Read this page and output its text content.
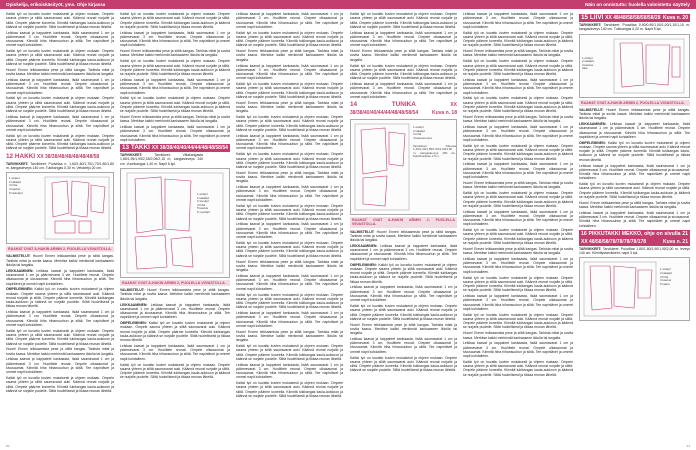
Opiskelija, erikoiskäsityöt, yms. Ohje kirjassa	Näin on onnistuttu: huolella valmistettu näyttely

Kaikki työ on kuvattu kuvien mukaisesti ja ohjeen mukaan. Ompele sauma yhteen ja silitä saumavarat auki. Käännä reunat nurjalle ja silitä. Ompele päärme koneella. Kiinnitä tukikangas kaula-aukkoon ja käännä se nurjalle puolelle. Silitä huolellisesti ja tikkaa reunan läheltä.

Leikkaa kaavat ja kappaleet kankaasta, lisää saumavarat 1 cm ja päärmevarat 3 cm. Huolittele reunat. Ompele olkasaumat ja sivusaumat. Kiinnitä hiha hihansuuhun ja silitä. Tee napinlävet ja ommel napit kohdalleen.

Kaikki työ on kuvattu kuvien mukaisesti ja ohjeen mukaan. Ompele sauma yhteen ja silitä saumavarat auki. Käännä reunat nurjalle ja silitä. Ompele päärme koneella. Kiinnitä tukikangas kaula-aukkoon ja käännä se nurjalle puolelle. Silitä huolellisesti ja tikkaa reunan läheltä.

Huom! Ennen leikkaamista pese ja silitä kangas. Tarkista mitat ja sovita kaava. Merkitse kaikki merkinnät kankaaseen liidulla tai langalla.

Leikkaa kaavat ja kappaleet kankaasta, lisää saumavarat 1 cm ja päärmevarat 3 cm. Huolittele reunat. Ompele olkasaumat ja sivusaumat. Kiinnitä hiha hihansuuhun ja silitä. Tee napinlävet ja ommel napit kohdalleen.

Kaikki työ on kuvattu kuvien mukaisesti ja ohjeen mukaan. Ompele sauma yhteen ja silitä saumavarat auki. Käännä reunat nurjalle ja silitä. Ompele päärme koneella. Kiinnitä tukikangas kaula-aukkoon ja käännä se nurjalle puolelle. Silitä huolellisesti ja tikkaa reunan läheltä.

Leikkaa kaavat ja kappaleet kankaasta, lisää saumavarat 1 cm ja päärmevarat 3 cm. Huolittele reunat. Ompele olkasaumat ja sivusaumat. Kiinnitä hiha hihansuuhun ja silitä. Tee napinlävet ja ommel napit kohdalleen.

Kaikki työ on kuvattu kuvien mukaisesti ja ohjeen mukaan. Ompele sauma yhteen ja silitä saumavarat auki. Käännä reunat nurjalle ja silitä. Ompele päärme koneella. Kiinnitä tukikangas kaula-aukkoon ja käännä se nurjalle puolelle. Silitä huolellisesti ja tikkaa reunan läheltä.

12 HAKKI XX 38/38/48/48/48/48/48/58

TARVIKKEET: Tarvikkeet: Puuvillaa n. 1,60/1,60/1,70/1,70/1,80/1,80 m, kangasleveys 140 cm. Tukikangas 0,30 m. Vetoketju 20 cm.

1 etukpl
2 takakpl
3 hiha
4 kauluri
5 taskukpl
RAAHAT OVAT A-HAKIN ARMIN 2, PUOLELLA VIIVASTOLLA.

VALMISTELUT: Huom! Ennen leikkaamista pese ja silitä kangas. Tarkista mitat ja sovita kaava. Merkitse kaikki merkinnät kankaaseen liidulla tai langalla.

LEIKKAAMINEN: Leikkaa kaavat ja kappaleet kankaasta, lisää saumavarat 1 cm ja päärmevarat 3 cm. Huolittele reunat. Ompele olkasaumat ja sivusaumat. Kiinnitä hiha hihansuuhun ja silitä. Tee napinlävet ja ommel napit kohdalleen.

OMPELEMINEN: Kaikki työ on kuvattu kuvien mukaisesti ja ohjeen mukaan. Ompele sauma yhteen ja silitä saumavarat auki. Käännä reunat nurjalle ja silitä. Ompele päärme koneella. Kiinnitä tukikangas kaula-aukkoon ja käännä se nurjalle puolelle. Silitä huolellisesti ja tikkaa reunan läheltä.

Leikkaa kaavat ja kappaleet kankaasta, lisää saumavarat 1 cm ja päärmevarat 3 cm. Huolittele reunat. Ompele olkasaumat ja sivusaumat. Kiinnitä hiha hihansuuhun ja silitä. Tee napinlävet ja ommel napit kohdalleen.

Kaikki työ on kuvattu kuvien mukaisesti ja ohjeen mukaan. Ompele sauma yhteen ja silitä saumavarat auki. Käännä reunat nurjalle ja silitä. Ompele päärme koneella. Kiinnitä tukikangas kaula-aukkoon ja käännä se nurjalle puolelle. Silitä huolellisesti ja tikkaa reunan läheltä.

Huom! Ennen leikkaamista pese ja silitä kangas. Tarkista mitat ja sovita kaava. Merkitse kaikki merkinnät kankaaseen liidulla tai langalla.

Leikkaa kaavat ja kappaleet kankaasta, lisää saumavarat 1 cm ja päärmevarat 3 cm. Huolittele reunat. Ompele olkasaumat ja sivusaumat. Kiinnitä hiha hihansuuhun ja silitä. Tee napinlävet ja ommel napit kohdalleen.

Kaikki työ on kuvattu kuvien mukaisesti ja ohjeen mukaan. Ompele sauma yhteen ja silitä saumavarat auki. Käännä reunat nurjalle ja silitä. Ompele päärme koneella. Kiinnitä tukikangas kaula-aukkoon ja käännä se nurjalle puolelle. Silitä huolellisesti ja tikkaa reunan läheltä.

Kaikki työ on kuvattu kuvien mukaisesti ja ohjeen mukaan. Ompele sauma yhteen ja silitä saumavarat auki. Käännä reunat nurjalle ja silitä. Ompele päärme koneella. Kiinnitä tukikangas kaula-aukkoon ja käännä se nurjalle puolelle. Silitä huolellisesti ja tikkaa reunan läheltä.

Leikkaa kaavat ja kappaleet kankaasta, lisää saumavarat 1 cm ja päärmevarat 3 cm. Huolittele reunat. Ompele olkasaumat ja sivusaumat. Kiinnitä hiha hihansuuhun ja silitä. Tee napinlävet ja ommel napit kohdalleen.

Huom! Ennen leikkaamista pese ja silitä kangas. Tarkista mitat ja sovita kaava. Merkitse kaikki merkinnät kankaaseen liidulla tai langalla.

Kaikki työ on kuvattu kuvien mukaisesti ja ohjeen mukaan. Ompele sauma yhteen ja silitä saumavarat auki. Käännä reunat nurjalle ja silitä. Ompele päärme koneella. Kiinnitä tukikangas kaula-aukkoon ja käännä se nurjalle puolelle. Silitä huolellisesti ja tikkaa reunan läheltä.

Leikkaa kaavat ja kappaleet kankaasta, lisää saumavarat 1 cm ja päärmevarat 3 cm. Huolittele reunat. Ompele olkasaumat ja sivusaumat. Kiinnitä hiha hihansuuhun ja silitä. Tee napinlävet ja ommel napit kohdalleen.

Kaikki työ on kuvattu kuvien mukaisesti ja ohjeen mukaan. Ompele sauma yhteen ja silitä saumavarat auki. Käännä reunat nurjalle ja silitä. Ompele päärme koneella. Kiinnitä tukikangas kaula-aukkoon ja käännä se nurjalle puolelle. Silitä huolellisesti ja tikkaa reunan läheltä.

Huom! Ennen leikkaamista pese ja silitä kangas. Tarkista mitat ja sovita kaava. Merkitse kaikki merkinnät kankaaseen liidulla tai langalla.

Leikkaa kaavat ja kappaleet kankaasta, lisää saumavarat 1 cm ja päärmevarat 3 cm. Huolittele reunat. Ompele olkasaumat ja sivusaumat. Kiinnitä hiha hihansuuhun ja silitä. Tee napinlävet ja ommel napit kohdalleen.

13 TAKKI XX 38/38/40/40/44/44/48/48/58/54
Kuva n. 16

TARVIKKEET:	Tarvikkeet: Villakangasta 1,85/1,95/1,95/2,05/2,05/2,15 m, kangasleveys 140 cm. Vuorikangas 1,40 m. Napit 6 kpl.

1 etukpl
2 takakpl
3 sivukpl
4 hiha
5 kaulus
6 vuorikpl
RAAHAT OVAT A-HAKIN ARMIN 2, PUOLELLA VIIVASTOLLA.

VALMISTELUT: Huom! Ennen leikkaamista pese ja silitä kangas. Tarkista mitat ja sovita kaava. Merkitse kaikki merkinnät kankaaseen liidulla tai langalla.

LEIKKAAMINEN: Leikkaa kaavat ja kappaleet kankaasta, lisää saumavarat 1 cm ja päärmevarat 3 cm. Huolittele reunat. Ompele olkasaumat ja sivusaumat. Kiinnitä hiha hihansuuhun ja silitä. Tee napinlävet ja ommel napit kohdalleen.

OMPELEMINEN: Kaikki työ on kuvattu kuvien mukaisesti ja ohjeen mukaan. Ompele sauma yhteen ja silitä saumavarat auki. Käännä reunat nurjalle ja silitä. Ompele päärme koneella. Kiinnitä tukikangas kaula-aukkoon ja käännä se nurjalle puolelle. Silitä huolellisesti ja tikkaa reunan läheltä.

Leikkaa kaavat ja kappaleet kankaasta, lisää saumavarat 1 cm ja päärmevarat 3 cm. Huolittele reunat. Ompele olkasaumat ja sivusaumat. Kiinnitä hiha hihansuuhun ja silitä. Tee napinlävet ja ommel napit kohdalleen.

Kaikki työ on kuvattu kuvien mukaisesti ja ohjeen mukaan. Ompele sauma yhteen ja silitä saumavarat auki. Käännä reunat nurjalle ja silitä. Ompele päärme koneella. Kiinnitä tukikangas kaula-aukkoon ja käännä se nurjalle puolelle. Silitä huolellisesti ja tikkaa reunan läheltä.

Leikkaa kaavat ja kappaleet kankaasta, lisää saumavarat 1 cm ja päärmevarat 3 cm. Huolittele reunat. Ompele olkasaumat ja sivusaumat. Kiinnitä hiha hihansuuhun ja silitä. Tee napinlävet ja ommel napit kohdalleen.

Kaikki työ on kuvattu kuvien mukaisesti ja ohjeen mukaan. Ompele sauma yhteen ja silitä saumavarat auki. Käännä reunat nurjalle ja silitä. Ompele päärme koneella. Kiinnitä tukikangas kaula-aukkoon ja käännä se nurjalle puolelle. Silitä huolellisesti ja tikkaa reunan läheltä.

Huom! Ennen leikkaamista pese ja silitä kangas. Tarkista mitat ja sovita kaava. Merkitse kaikki merkinnät kankaaseen liidulla tai langalla.

Leikkaa kaavat ja kappaleet kankaasta, lisää saumavarat 1 cm ja päärmevarat 3 cm. Huolittele reunat. Ompele olkasaumat ja sivusaumat. Kiinnitä hiha hihansuuhun ja silitä. Tee napinlävet ja ommel napit kohdalleen.

Kaikki työ on kuvattu kuvien mukaisesti ja ohjeen mukaan. Ompele sauma yhteen ja silitä saumavarat auki. Käännä reunat nurjalle ja silitä. Ompele päärme koneella. Kiinnitä tukikangas kaula-aukkoon ja käännä se nurjalle puolelle. Silitä huolellisesti ja tikkaa reunan läheltä.

Huom! Ennen leikkaamista pese ja silitä kangas. Tarkista mitat ja sovita kaava. Merkitse kaikki merkinnät kankaaseen liidulla tai langalla.

Kaikki työ on kuvattu kuvien mukaisesti ja ohjeen mukaan. Ompele sauma yhteen ja silitä saumavarat auki. Käännä reunat nurjalle ja silitä. Ompele päärme koneella. Kiinnitä tukikangas kaula-aukkoon ja käännä se nurjalle puolelle. Silitä huolellisesti ja tikkaa reunan läheltä.

Leikkaa kaavat ja kappaleet kankaasta, lisää saumavarat 1 cm ja päärmevarat 3 cm. Huolittele reunat. Ompele olkasaumat ja sivusaumat. Kiinnitä hiha hihansuuhun ja silitä. Tee napinlävet ja ommel napit kohdalleen.

Kaikki työ on kuvattu kuvien mukaisesti ja ohjeen mukaan. Ompele sauma yhteen ja silitä saumavarat auki. Käännä reunat nurjalle ja silitä. Ompele päärme koneella. Kiinnitä tukikangas kaula-aukkoon ja käännä se nurjalle puolelle. Silitä huolellisesti ja tikkaa reunan läheltä.

Huom! Ennen leikkaamista pese ja silitä kangas. Tarkista mitat ja sovita kaava. Merkitse kaikki merkinnät kankaaseen liidulla tai langalla.

Leikkaa kaavat ja kappaleet kankaasta, lisää saumavarat 1 cm ja päärmevarat 3 cm. Huolittele reunat. Ompele olkasaumat ja sivusaumat. Kiinnitä hiha hihansuuhun ja silitä. Tee napinlävet ja ommel napit kohdalleen.

Kaikki työ on kuvattu kuvien mukaisesti ja ohjeen mukaan. Ompele sauma yhteen ja silitä saumavarat auki. Käännä reunat nurjalle ja silitä. Ompele päärme koneella. Kiinnitä tukikangas kaula-aukkoon ja käännä se nurjalle puolelle. Silitä huolellisesti ja tikkaa reunan läheltä.

Leikkaa kaavat ja kappaleet kankaasta, lisää saumavarat 1 cm ja päärmevarat 3 cm. Huolittele reunat. Ompele olkasaumat ja sivusaumat. Kiinnitä hiha hihansuuhun ja silitä. Tee napinlävet ja ommel napit kohdalleen.

Kaikki työ on kuvattu kuvien mukaisesti ja ohjeen mukaan. Ompele sauma yhteen ja silitä saumavarat auki. Käännä reunat nurjalle ja silitä. Ompele päärme koneella. Kiinnitä tukikangas kaula-aukkoon ja käännä se nurjalle puolelle. Silitä huolellisesti ja tikkaa reunan läheltä.

Huom! Ennen leikkaamista pese ja silitä kangas. Tarkista mitat ja sovita kaava. Merkitse kaikki merkinnät kankaaseen liidulla tai langalla.

Leikkaa kaavat ja kappaleet kankaasta, lisää saumavarat 1 cm ja päärmevarat 3 cm. Huolittele reunat. Ompele olkasaumat ja sivusaumat. Kiinnitä hiha hihansuuhun ja silitä. Tee napinlävet ja ommel napit kohdalleen.

Kaikki työ on kuvattu kuvien mukaisesti ja ohjeen mukaan. Ompele sauma yhteen ja silitä saumavarat auki. Käännä reunat nurjalle ja silitä. Ompele päärme koneella. Kiinnitä tukikangas kaula-aukkoon ja käännä se nurjalle puolelle. Silitä huolellisesti ja tikkaa reunan läheltä.

Leikkaa kaavat ja kappaleet kankaasta, lisää saumavarat 1 cm ja päärmevarat 3 cm. Huolittele reunat. Ompele olkasaumat ja sivusaumat. Kiinnitä hiha hihansuuhun ja silitä. Tee napinlävet ja ommel napit kohdalleen.

Huom! Ennen leikkaamista pese ja silitä kangas. Tarkista mitat ja sovita kaava. Merkitse kaikki merkinnät kankaaseen liidulla tai langalla.

Kaikki työ on kuvattu kuvien mukaisesti ja ohjeen mukaan. Ompele sauma yhteen ja silitä saumavarat auki. Käännä reunat nurjalle ja silitä. Ompele päärme koneella. Kiinnitä tukikangas kaula-aukkoon ja käännä se nurjalle puolelle. Silitä huolellisesti ja tikkaa reunan läheltä.

Leikkaa kaavat ja kappaleet kankaasta, lisää saumavarat 1 cm ja päärmevarat 3 cm. Huolittele reunat. Ompele olkasaumat ja sivusaumat. Kiinnitä hiha hihansuuhun ja silitä. Tee napinlävet ja ommel napit kohdalleen.

Kaikki työ on kuvattu kuvien mukaisesti ja ohjeen mukaan. Ompele sauma yhteen ja silitä saumavarat auki. Käännä reunat nurjalle ja silitä. Ompele päärme koneella. Kiinnitä tukikangas kaula-aukkoon ja käännä se nurjalle puolelle. Silitä huolellisesti ja tikkaa reunan läheltä.

Kaikki työ on kuvattu kuvien mukaisesti ja ohjeen mukaan. Ompele sauma yhteen ja silitä saumavarat auki. Käännä reunat nurjalle ja silitä. Ompele päärme koneella. Kiinnitä tukikangas kaula-aukkoon ja käännä se nurjalle puolelle. Silitä huolellisesti ja tikkaa reunan läheltä.

Leikkaa kaavat ja kappaleet kankaasta, lisää saumavarat 1 cm ja päärmevarat 3 cm. Huolittele reunat. Ompele olkasaumat ja sivusaumat. Kiinnitä hiha hihansuuhun ja silitä. Tee napinlävet ja ommel napit kohdalleen.

Huom! Ennen leikkaamista pese ja silitä kangas. Tarkista mitat ja sovita kaava. Merkitse kaikki merkinnät kankaaseen liidulla tai langalla.

Kaikki työ on kuvattu kuvien mukaisesti ja ohjeen mukaan. Ompele sauma yhteen ja silitä saumavarat auki. Käännä reunat nurjalle ja silitä. Ompele päärme koneella. Kiinnitä tukikangas kaula-aukkoon ja käännä se nurjalle puolelle. Silitä huolellisesti ja tikkaa reunan läheltä.

Leikkaa kaavat ja kappaleet kankaasta, lisää saumavarat 1 cm ja päärmevarat 3 cm. Huolittele reunat. Ompele olkasaumat ja sivusaumat. Kiinnitä hiha hihansuuhun ja silitä. Tee napinlävet ja ommel napit kohdalleen.

14	TUNIKA	XX 38/38/40/40/44/44/48/48/58/54	Kuva n. 18
1 etukpl
2 takakpl
3 hiha
4 kaulusreuna
Tarvikkeet: Trikoota 1,40/1,40/1,50/1,50/1,60/1,60 m, kangasleveys 150 cm. Kanttinauhaa 1,5 m.
RAAHAT OVAT A-HAKIN ARMIN 2, PUOLELLA VIIVASTOLLA.

VALMISTELUT: Huom! Ennen leikkaamista pese ja silitä kangas. Tarkista mitat ja sovita kaava. Merkitse kaikki merkinnät kankaaseen liidulla tai langalla.

LEIKKAAMINEN: Leikkaa kaavat ja kappaleet kankaasta, lisää saumavarat 1 cm ja päärmevarat 3 cm. Huolittele reunat. Ompele olkasaumat ja sivusaumat. Kiinnitä hiha hihansuuhun ja silitä. Tee napinlävet ja ommel napit kohdalleen.

OMPELEMINEN: Kaikki työ on kuvattu kuvien mukaisesti ja ohjeen mukaan. Ompele sauma yhteen ja silitä saumavarat auki. Käännä reunat nurjalle ja silitä. Ompele päärme koneella. Kiinnitä tukikangas kaula-aukkoon ja käännä se nurjalle puolelle. Silitä huolellisesti ja tikkaa reunan läheltä.

Leikkaa kaavat ja kappaleet kankaasta, lisää saumavarat 1 cm ja päärmevarat 3 cm. Huolittele reunat. Ompele olkasaumat ja sivusaumat. Kiinnitä hiha hihansuuhun ja silitä. Tee napinlävet ja ommel napit kohdalleen.

Kaikki työ on kuvattu kuvien mukaisesti ja ohjeen mukaan. Ompele sauma yhteen ja silitä saumavarat auki. Käännä reunat nurjalle ja silitä. Ompele päärme koneella. Kiinnitä tukikangas kaula-aukkoon ja käännä se nurjalle puolelle. Silitä huolellisesti ja tikkaa reunan läheltä.

Huom! Ennen leikkaamista pese ja silitä kangas. Tarkista mitat ja sovita kaava. Merkitse kaikki merkinnät kankaaseen liidulla tai langalla.

Leikkaa kaavat ja kappaleet kankaasta, lisää saumavarat 1 cm ja päärmevarat 3 cm. Huolittele reunat. Ompele olkasaumat ja sivusaumat. Kiinnitä hiha hihansuuhun ja silitä. Tee napinlävet ja ommel napit kohdalleen.

Kaikki työ on kuvattu kuvien mukaisesti ja ohjeen mukaan. Ompele sauma yhteen ja silitä saumavarat auki. Käännä reunat nurjalle ja silitä. Ompele päärme koneella. Kiinnitä tukikangas kaula-aukkoon ja käännä se nurjalle puolelle. Silitä huolellisesti ja tikkaa reunan läheltä.

Leikkaa kaavat ja kappaleet kankaasta, lisää saumavarat 1 cm ja päärmevarat 3 cm. Huolittele reunat. Ompele olkasaumat ja sivusaumat. Kiinnitä hiha hihansuuhun ja silitä. Tee napinlävet ja ommel napit kohdalleen.

Kaikki työ on kuvattu kuvien mukaisesti ja ohjeen mukaan. Ompele sauma yhteen ja silitä saumavarat auki. Käännä reunat nurjalle ja silitä. Ompele päärme koneella. Kiinnitä tukikangas kaula-aukkoon ja käännä se nurjalle puolelle. Silitä huolellisesti ja tikkaa reunan läheltä.

Huom! Ennen leikkaamista pese ja silitä kangas. Tarkista mitat ja sovita kaava. Merkitse kaikki merkinnät kankaaseen liidulla tai langalla.

Kaikki työ on kuvattu kuvien mukaisesti ja ohjeen mukaan. Ompele sauma yhteen ja silitä saumavarat auki. Käännä reunat nurjalle ja silitä. Ompele päärme koneella. Kiinnitä tukikangas kaula-aukkoon ja käännä se nurjalle puolelle. Silitä huolellisesti ja tikkaa reunan läheltä.

Leikkaa kaavat ja kappaleet kankaasta, lisää saumavarat 1 cm ja päärmevarat 3 cm. Huolittele reunat. Ompele olkasaumat ja sivusaumat. Kiinnitä hiha hihansuuhun ja silitä. Tee napinlävet ja ommel napit kohdalleen.

Kaikki työ on kuvattu kuvien mukaisesti ja ohjeen mukaan. Ompele sauma yhteen ja silitä saumavarat auki. Käännä reunat nurjalle ja silitä. Ompele päärme koneella. Kiinnitä tukikangas kaula-aukkoon ja käännä se nurjalle puolelle. Silitä huolellisesti ja tikkaa reunan läheltä.

Huom! Ennen leikkaamista pese ja silitä kangas. Tarkista mitat ja sovita kaava. Merkitse kaikki merkinnät kankaaseen liidulla tai langalla.

Leikkaa kaavat ja kappaleet kankaasta, lisää saumavarat 1 cm ja päärmevarat 3 cm. Huolittele reunat. Ompele olkasaumat ja sivusaumat. Kiinnitä hiha hihansuuhun ja silitä. Tee napinlävet ja ommel napit kohdalleen.

Kaikki työ on kuvattu kuvien mukaisesti ja ohjeen mukaan. Ompele sauma yhteen ja silitä saumavarat auki. Käännä reunat nurjalle ja silitä. Ompele päärme koneella. Kiinnitä tukikangas kaula-aukkoon ja käännä se nurjalle puolelle. Silitä huolellisesti ja tikkaa reunan läheltä.

Leikkaa kaavat ja kappaleet kankaasta, lisää saumavarat 1 cm ja päärmevarat 3 cm. Huolittele reunat. Ompele olkasaumat ja sivusaumat. Kiinnitä hiha hihansuuhun ja silitä. Tee napinlävet ja ommel napit kohdalleen.

Huom! Ennen leikkaamista pese ja silitä kangas. Tarkista mitat ja sovita kaava. Merkitse kaikki merkinnät kankaaseen liidulla tai langalla.

Kaikki työ on kuvattu kuvien mukaisesti ja ohjeen mukaan. Ompele sauma yhteen ja silitä saumavarat auki. Käännä reunat nurjalle ja silitä. Ompele päärme koneella. Kiinnitä tukikangas kaula-aukkoon ja käännä se nurjalle puolelle. Silitä huolellisesti ja tikkaa reunan läheltä.

Leikkaa kaavat ja kappaleet kankaasta, lisää saumavarat 1 cm ja päärmevarat 3 cm. Huolittele reunat. Ompele olkasaumat ja sivusaumat. Kiinnitä hiha hihansuuhun ja silitä. Tee napinlävet ja ommel napit kohdalleen.

Kaikki työ on kuvattu kuvien mukaisesti ja ohjeen mukaan. Ompele sauma yhteen ja silitä saumavarat auki. Käännä reunat nurjalle ja silitä. Ompele päärme koneella. Kiinnitä tukikangas kaula-aukkoon ja käännä se nurjalle puolelle. Silitä huolellisesti ja tikkaa reunan läheltä.

Huom! Ennen leikkaamista pese ja silitä kangas. Tarkista mitat ja sovita kaava. Merkitse kaikki merkinnät kankaaseen liidulla tai langalla.

Leikkaa kaavat ja kappaleet kankaasta, lisää saumavarat 1 cm ja päärmevarat 3 cm. Huolittele reunat. Ompele olkasaumat ja sivusaumat. Kiinnitä hiha hihansuuhun ja silitä. Tee napinlävet ja ommel napit kohdalleen.

Kaikki työ on kuvattu kuvien mukaisesti ja ohjeen mukaan. Ompele sauma yhteen ja silitä saumavarat auki. Käännä reunat nurjalle ja silitä. Ompele päärme koneella. Kiinnitä tukikangas kaula-aukkoon ja käännä se nurjalle puolelle. Silitä huolellisesti ja tikkaa reunan läheltä.

Leikkaa kaavat ja kappaleet kankaasta, lisää saumavarat 1 cm ja päärmevarat 3 cm. Huolittele reunat. Ompele olkasaumat ja sivusaumat. Kiinnitä hiha hihansuuhun ja silitä. Tee napinlävet ja ommel napit kohdalleen.

Kaikki työ on kuvattu kuvien mukaisesti ja ohjeen mukaan. Ompele sauma yhteen ja silitä saumavarat auki. Käännä reunat nurjalle ja silitä. Ompele päärme koneella. Kiinnitä tukikangas kaula-aukkoon ja käännä se nurjalle puolelle. Silitä huolellisesti ja tikkaa reunan läheltä.

Huom! Ennen leikkaamista pese ja silitä kangas. Tarkista mitat ja sovita kaava. Merkitse kaikki merkinnät kankaaseen liidulla tai langalla.

Leikkaa kaavat ja kappaleet kankaasta, lisää saumavarat 1 cm ja päärmevarat 3 cm. Huolittele reunat. Ompele olkasaumat ja sivusaumat. Kiinnitä hiha hihansuuhun ja silitä. Tee napinlävet ja ommel napit kohdalleen.

Kaikki työ on kuvattu kuvien mukaisesti ja ohjeen mukaan. Ompele sauma yhteen ja silitä saumavarat auki. Käännä reunat nurjalle ja silitä. Ompele päärme koneella. Kiinnitä tukikangas kaula-aukkoon ja käännä se nurjalle puolelle. Silitä huolellisesti ja tikkaa reunan läheltä.

15 LIIVI XX 48/48/58/58/58/58/28 Kuva n. 20

TARVIKKEET: Tarvikkeet: Puuvillaa 0,90/0,90/1,00/1,00/1,10/1,10 m, kangasleveys 140 cm. Tukikangas 0,20 m. Napit 5 kpl.

1 etukpl
2 takakpl
3 kaulus
taite
RAAHAT OVAT A-HAKIN ARMIN 2, PUOLELLA VIIVASTOLLA.

VALMISTELUT: Huom! Ennen leikkaamista pese ja silitä kangas. Tarkista mitat ja sovita kaava. Merkitse kaikki merkinnät kankaaseen liidulla tai langalla.

LEIKKAAMINEN: Leikkaa kaavat ja kappaleet kankaasta, lisää saumavarat 1 cm ja päärmevarat 3 cm. Huolittele reunat. Ompele olkasaumat ja sivusaumat. Kiinnitä hiha hihansuuhun ja silitä. Tee napinlävet ja ommel napit kohdalleen.

OMPELEMINEN: Kaikki työ on kuvattu kuvien mukaisesti ja ohjeen mukaan. Ompele sauma yhteen ja silitä saumavarat auki. Käännä reunat nurjalle ja silitä. Ompele päärme koneella. Kiinnitä tukikangas kaula-aukkoon ja käännä se nurjalle puolelle. Silitä huolellisesti ja tikkaa reunan läheltä.

Leikkaa kaavat ja kappaleet kankaasta, lisää saumavarat 1 cm ja päärmevarat 3 cm. Huolittele reunat. Ompele olkasaumat ja sivusaumat. Kiinnitä hiha hihansuuhun ja silitä. Tee napinlävet ja ommel napit kohdalleen.

Kaikki työ on kuvattu kuvien mukaisesti ja ohjeen mukaan. Ompele sauma yhteen ja silitä saumavarat auki. Käännä reunat nurjalle ja silitä. Ompele päärme koneella. Kiinnitä tukikangas kaula-aukkoon ja käännä se nurjalle puolelle. Silitä huolellisesti ja tikkaa reunan läheltä.

Huom! Ennen leikkaamista pese ja silitä kangas. Tarkista mitat ja sovita kaava. Merkitse kaikki merkinnät kankaaseen liidulla tai langalla.

Leikkaa kaavat ja kappaleet kankaasta, lisää saumavarat 1 cm ja päärmevarat 3 cm. Huolittele reunat. Ompele olkasaumat ja sivusaumat. Kiinnitä hiha hihansuuhun ja silitä. Tee napinlävet ja ommel napit kohdalleen.

16 PIKKUTAKKI MEKKO, ohje on sivulla 21 XX 48/58/58/78/78/78/78/178	Kuva n. 21

TARVIKKEET: Tarvikkeet: Puuvillaa 1,80/1,80/1,90/1,90/2,00 m, leveys 140 cm. Kiinnitystarvikkeet, napit 3 kpl.

1 etukpl
2 takakpl
3 hiha
4 kaulus
5 tasku
20	21
